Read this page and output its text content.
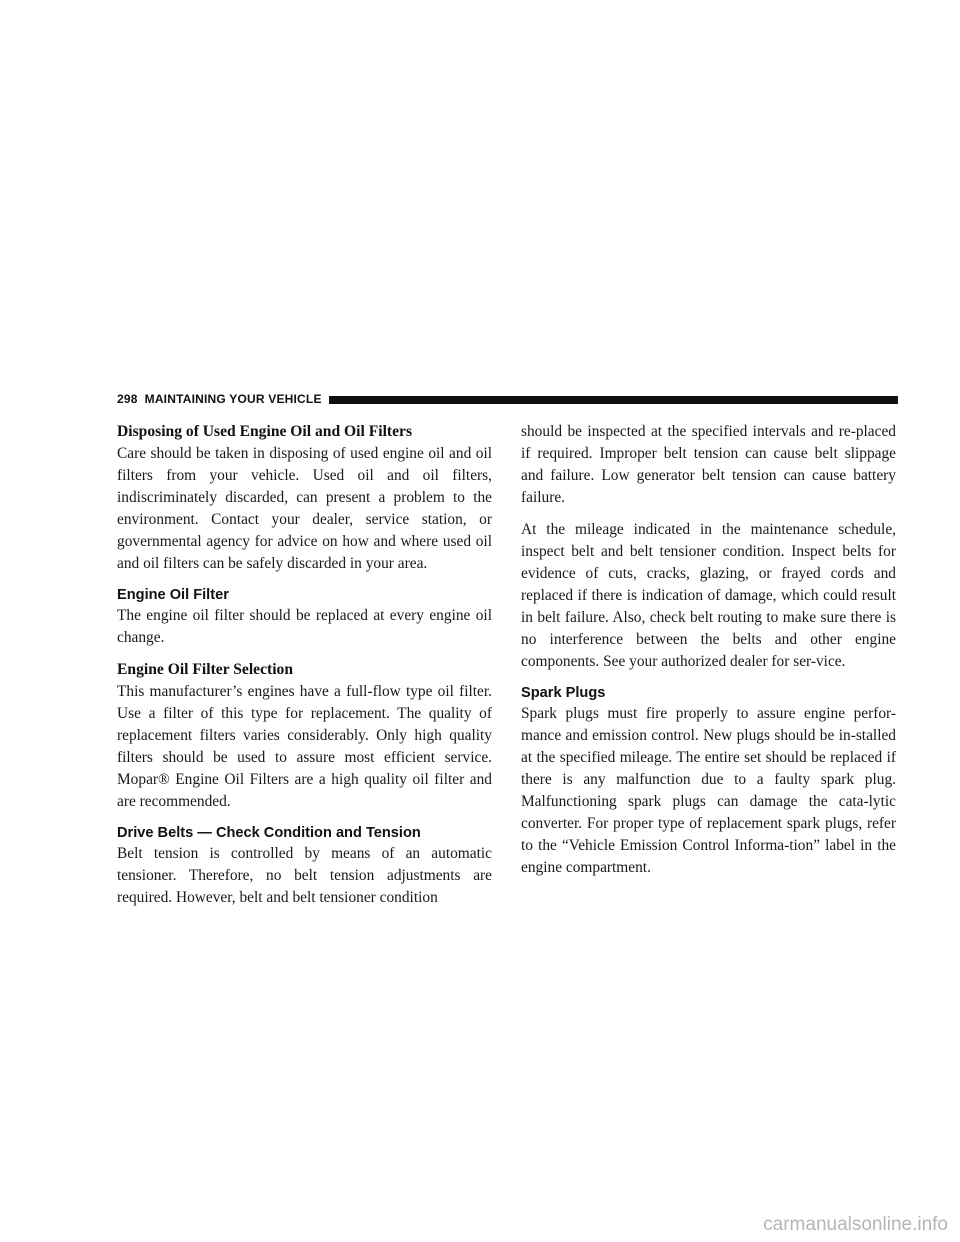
298 MAINTAINING YOUR VEHICLE
Disposing of Used Engine Oil and Oil Filters

Care should be taken in disposing of used engine oil and oil filters from your vehicle. Used oil and oil filters, indiscriminately discarded, can present a problem to the environment. Contact your dealer, service station, or governmental agency for advice on how and where used oil and oil filters can be safely discarded in your area.

Engine Oil Filter

The engine oil filter should be replaced at every engine oil change.

Engine Oil Filter Selection

This manufacturer’s engines have a full-flow type oil filter. Use a filter of this type for replacement. The quality of replacement filters varies considerably. Only high quality filters should be used to assure most efficient service. Mopar® Engine Oil Filters are a high quality oil filter and are recommended.

Drive Belts — Check Condition and Tension

Belt tension is controlled by means of an automatic tensioner. Therefore, no belt tension adjustments are required. However, belt and belt tensioner condition

should be inspected at the specified intervals and re-placed if required. Improper belt tension can cause belt slippage and failure. Low generator belt tension can cause battery failure.

At the mileage indicated in the maintenance schedule, inspect belt and belt tensioner condition. Inspect belts for evidence of cuts, cracks, glazing, or frayed cords and replaced if there is indication of damage, which could result in belt failure. Also, check belt routing to make sure there is no interference between the belts and other engine components. See your authorized dealer for ser-vice.

Spark Plugs

Spark plugs must fire properly to assure engine perfor-mance and emission control. New plugs should be in-stalled at the specified mileage. The entire set should be replaced if there is any malfunction due to a faulty spark plug. Malfunctioning spark plugs can damage the cata-lytic converter. For proper type of replacement spark plugs, refer to the “Vehicle Emission Control Informa-tion” label in the engine compartment.

carmanualsonline.info
